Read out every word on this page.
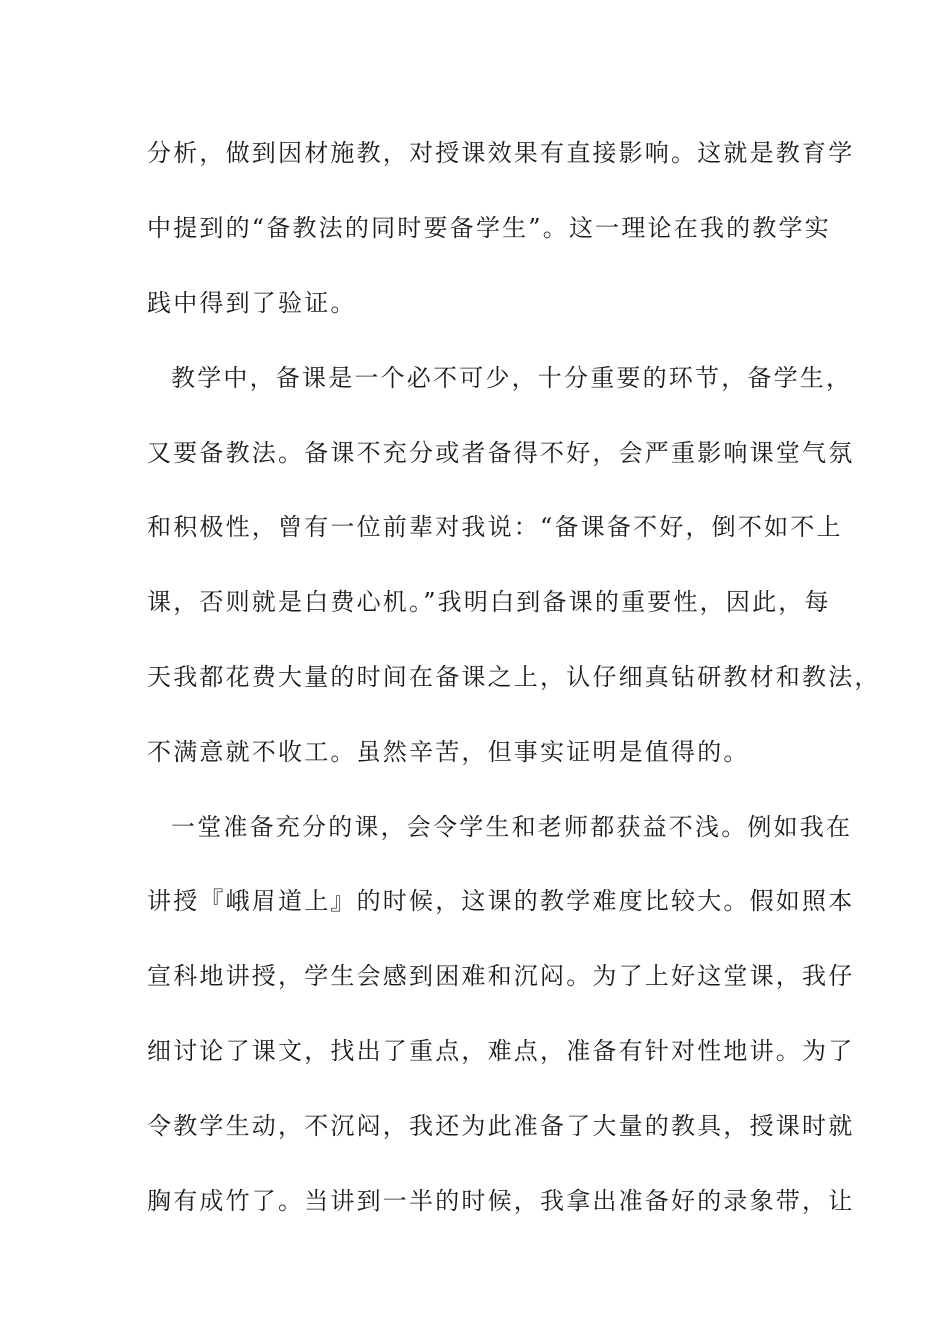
分析，做到因材施教，对授课效果有直接影响。这就是教育学
中提到的“备教法的同时要备学生”。这一理论在我的教学实
践中得到了验证。
教学中，备课是一个必不可少，十分重要的环节，备学生，
又要备教法。备课不充分或者备得不好，会严重影响课堂气氛
和积极性，曾有一位前辈对我说：“备课备不好，倒不如不上
课，否则就是白费心机。”我明白到备课的重要性，因此，每
天我都花费大量的时间在备课之上，认仔细真钻研教材和教法，
不满意就不收工。虽然辛苦，但事实证明是值得的。
一堂准备充分的课，会令学生和老师都获益不浅。例如我在
讲授『峨眉道上』的时候，这课的教学难度比较大。假如照本
宣科地讲授，学生会感到困难和沉闷。为了上好这堂课，我仔
细讨论了课文，找出了重点，难点，准备有针对性地讲。为了
令教学生动，不沉闷，我还为此准备了大量的教具，授课时就
胸有成竹了。当讲到一半的时候，我拿出准备好的录象带，让
